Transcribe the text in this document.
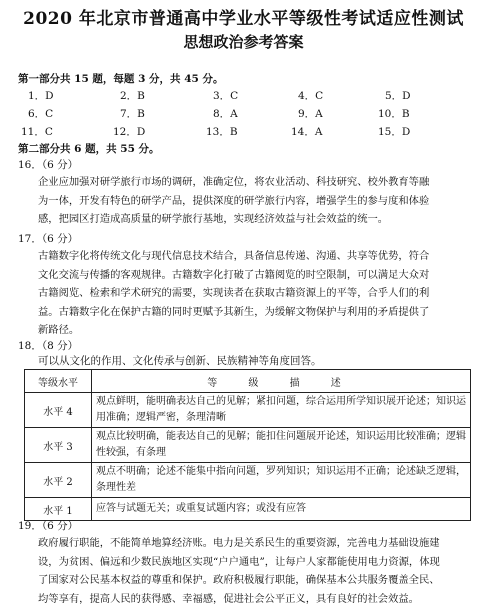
2020 年北京市普通高中学业水平等级性考试适应性测试
思想政治参考答案
第一部分共 15 题，每题 3 分，共 45 分。
1．D	2．B	3．C	4．C	5．D
6．C	7．B	8．A	9．A	10．B
11．C	12．D	13．B	14．A	15．D
第二部分共 6 题，共 55 分。
16．（6 分）
企业应加强对研学旅行市场的调研，准确定位，将农业活动、科技研究、校外教育等融
为一体，开发有特色的研学产品，提供深度的研学旅行内容，增强学生的参与度和体验
感，把园区打造成高质量的研学旅行基地，实现经济效益与社会效益的统一。
17．（6 分）
古籍数字化将传统文化与现代信息技术结合，具备信息传递、沟通、共享等优势，符合
文化交流与传播的客观规律。古籍数字化打破了古籍阅览的时空限制，可以满足大众对
古籍阅览、检索和学术研究的需要，实现读者在获取古籍资源上的平等，合乎人们的利
益。古籍数字化在保护古籍的同时更赋予其新生，为缓解文物保护与利用的矛盾提供了
新路径。
18．（8 分）
可以从文化的作用、文化传承与创新、民族精神等角度回答。
等级水平	等 级 描 述
水平 4	观点鲜明，能明确表达自己的见解；紧扣问题，综合运用所学知识展开论述；知识运用准确；逻辑严密，条理清晰
水平 3	观点比较明确，能表达自己的见解；能扣住问题展开论述，知识运用比较准确；逻辑性较强，有条理
水平 2	观点不明确；论述不能集中指向问题，罗列知识；知识运用不正确；论述缺乏逻辑，条理性差
水平 1	应答与试题无关；或重复试题内容；或没有应答
19．（6 分）
政府履行职能，不能简单地算经济账。电力是关系民生的重要资源，完善电力基础设施建
设，为贫困、偏远和少数民族地区实现“户户通电”，让每户人家都能使用电力资源，体现
了国家对公民基本权益的尊重和保护。政府积极履行职能，确保基本公共服务覆盖全民、
均等享有，提高人民的获得感、幸福感，促进社会公平正义，具有良好的社会效益。
